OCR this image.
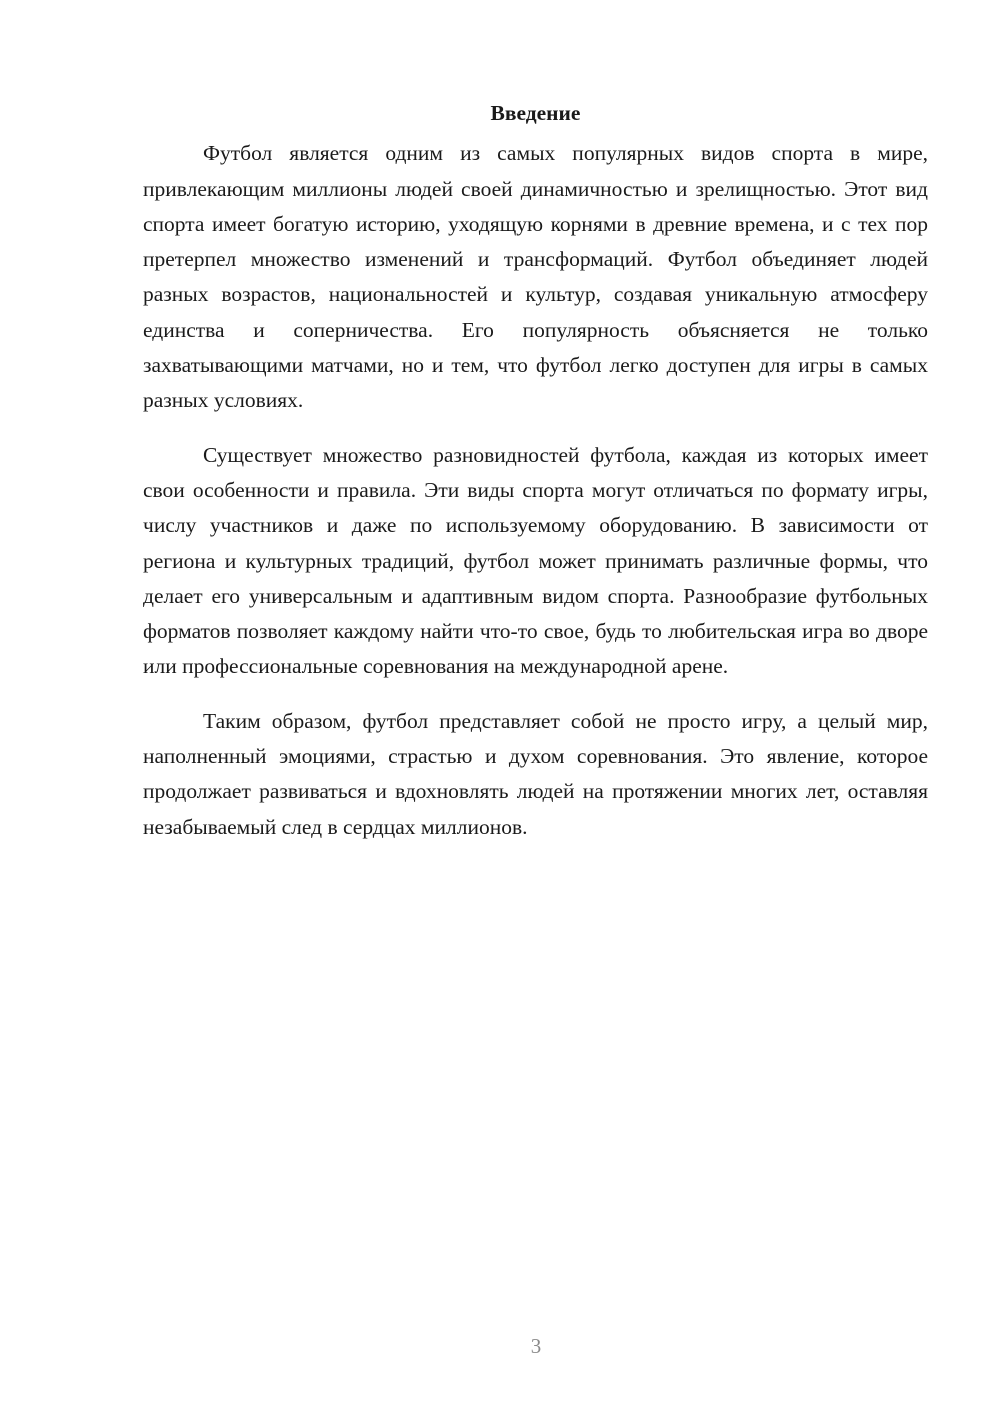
Введение

Футбол является одним из самых популярных видов спорта в мире, привлекающим миллионы людей своей динамичностью и зрелищностью. Этот вид спорта имеет богатую историю, уходящую корнями в древние времена, и с тех пор претерпел множество изменений и трансформаций. Футбол объединяет людей разных возрастов, национальностей и культур, создавая уникальную атмосферу единства и соперничества. Его популярность объясняется не только захватывающими матчами, но и тем, что футбол легко доступен для игры в самых разных условиях.

Существует множество разновидностей футбола, каждая из которых имеет свои особенности и правила. Эти виды спорта могут отличаться по формату игры, числу участников и даже по используемому оборудованию. В зависимости от региона и культурных традиций, футбол может принимать различные формы, что делает его универсальным и адаптивным видом спорта. Разнообразие футбольных форматов позволяет каждому найти что-то свое, будь то любительская игра во дворе или профессиональные соревнования на международной арене.

Таким образом, футбол представляет собой не просто игру, а целый мир, наполненный эмоциями, страстью и духом соревнования. Это явление, которое продолжает развиваться и вдохновлять людей на протяжении многих лет, оставляя незабываемый след в сердцах миллионов.

3
